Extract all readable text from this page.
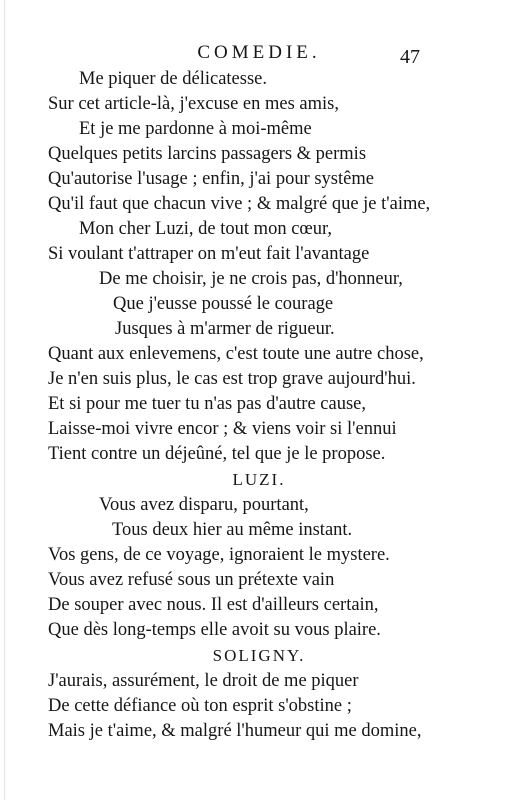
COMEDIE.	47
Me piquer de délicatesse.
Sur cet article-là, j'excuse en mes amis,
Et je me pardonne à moi-même
Quelques petits larcins passagers & permis
Qu'autorise l'usage ; enfin, j'ai pour systême
Qu'il faut que chacun vive ; & malgré que je t'aime,
Mon cher Luzi, de tout mon cœur,
Si voulant t'attraper on m'eut fait l'avantage
De me choisir, je ne crois pas, d'honneur,
Que j'eusse poussé le courage
Jusques à m'armer de rigueur.
Quant aux enlevemens, c'est toute une autre chose,
Je n'en suis plus, le cas est trop grave aujourd'hui.
Et si pour me tuer tu n'as pas d'autre cause,
Laisse-moi vivre encor ; & viens voir si l'ennui
Tient contre un déjeûné, tel que je le propose.
LUZI.
Vous avez disparu, pourtant,
Tous deux hier au même instant.
Vos gens, de ce voyage, ignoraient le mystere.
Vous avez refusé sous un prétexte vain
De souper avec nous. Il est d'ailleurs certain,
Que dès long-temps elle avoit su vous plaire.
SOLIGNY.
J'aurais, assurément, le droit de me piquer
De cette défiance où ton esprit s'obstine ;
Mais je t'aime, & malgré l'humeur qui me domine,
